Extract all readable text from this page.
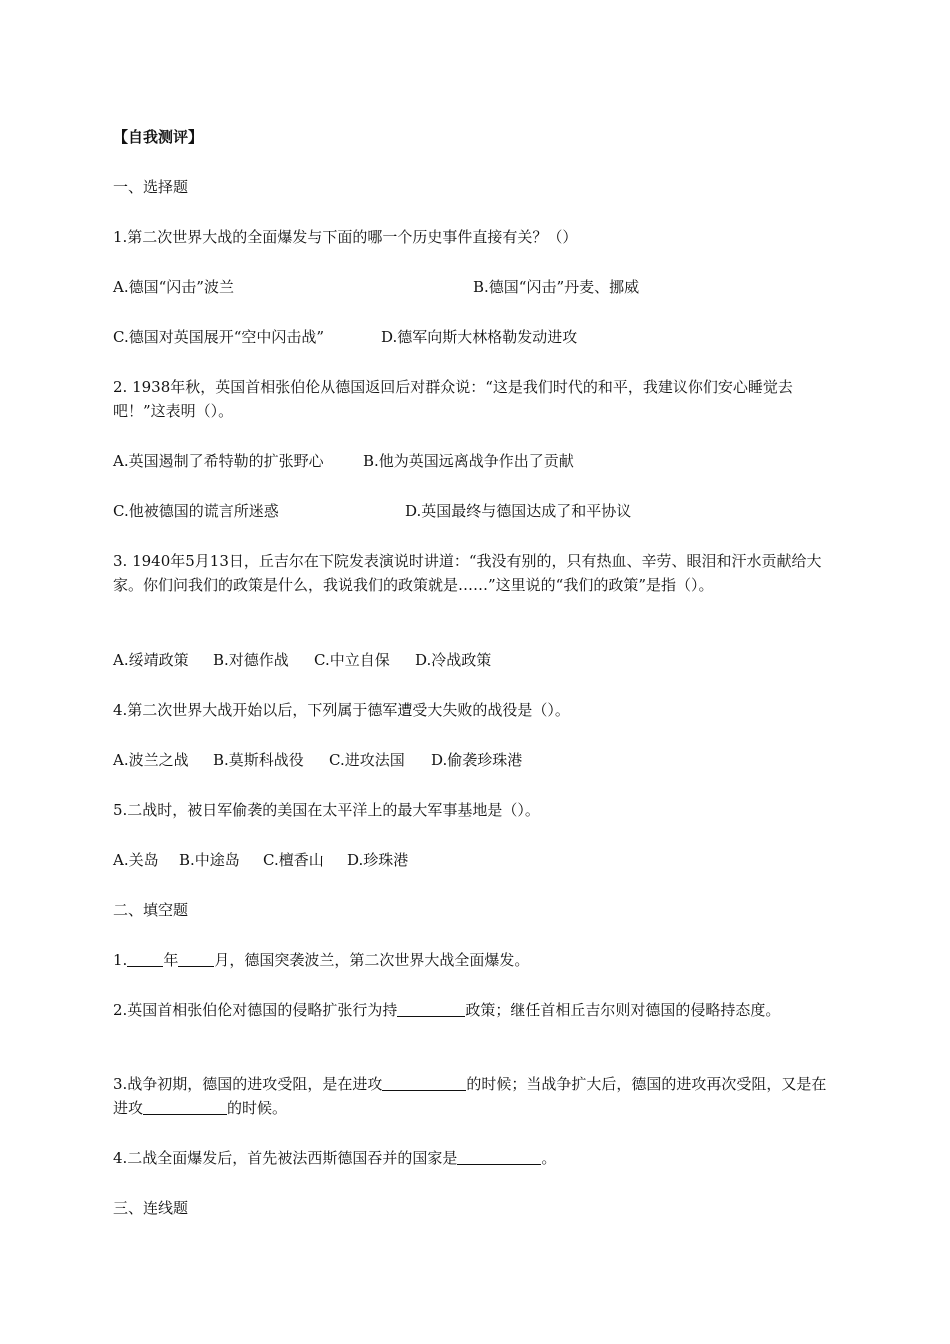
【自我测评】
一、选择题
1.第二次世界大战的全面爆发与下面的哪一个历史事件直接有关？（）
A.德国“闪击”波兰	B.德国“闪击”丹麦、挪威
C.德国对英国展开“空中闪击战”	D.德军向斯大林格勒发动进攻
2. 1938年秋，英国首相张伯伦从德国返回后对群众说：“这是我们时代的和平，我建议你们安心睡觉去吧！”这表明（）。
A.英国遏制了希特勒的扩张野心	B.他为英国远离战争作出了贡献
C.他被德国的谎言所迷惑	D.英国最终与德国达成了和平协议
3. 1940年5月13日，丘吉尔在下院发表演说时讲道：“我没有别的，只有热血、辛劳、眼泪和汗水贡献给大家。你们问我们的政策是什么，我说我们的政策就是……”这里说的“我们的政策”是指（）。
A.绥靖政策 B.对德作战 C.中立自保 D.冷战政策
4.第二次世界大战开始以后，下列属于德军遭受大失败的战役是（）。
A.波兰之战 B.莫斯科战役 C.进攻法国 D.偷袭珍珠港
5.二战时，被日军偷袭的美国在太平洋上的最大军事基地是（）。
A.关岛 B.中途岛 C.檀香山 D.珍珠港
二、填空题
1. 年 月，德国突袭波兰，第二次世界大战全面爆发。
2.英国首相张伯伦对德国的侵略扩张行为持	政策；继任首相丘吉尔则对德国的侵略持态度。
3.战争初期，德国的进攻受阻，是在进攻	的时候；当战争扩大后，德国的进攻再次受阻，又是在进攻	的时候。
4.二战全面爆发后，首先被法西斯德国吞并的国家是	。
三、连线题
